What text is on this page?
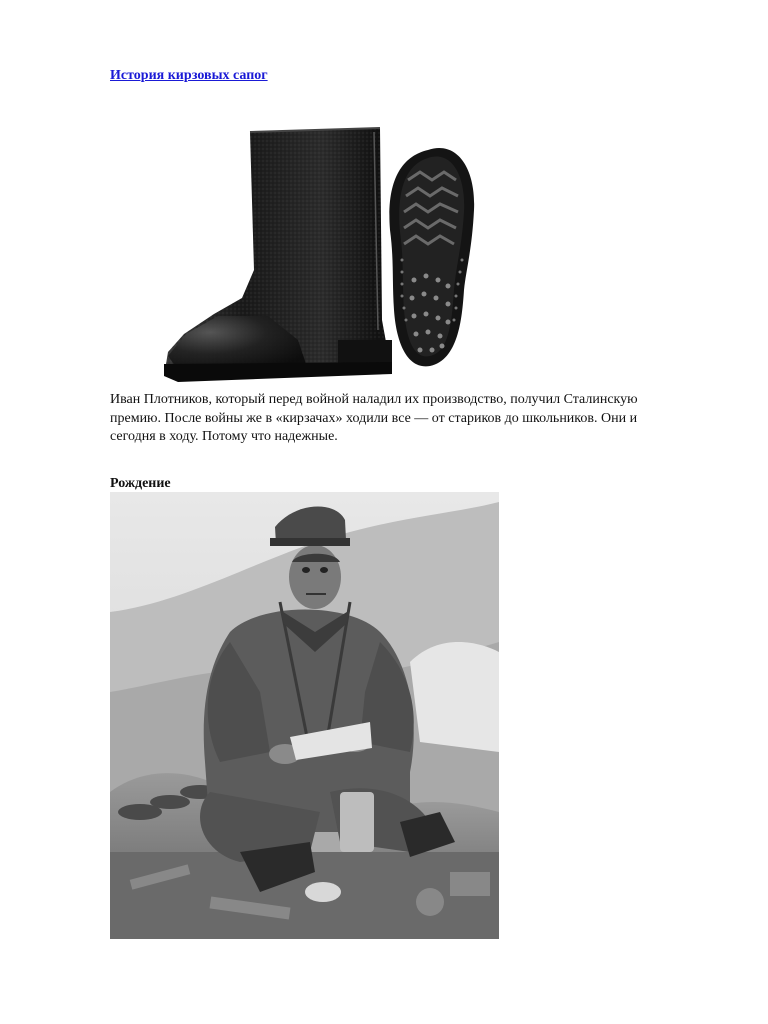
История кирзовых сапог
Иван Плотников, который перед войной наладил их производство, получил Сталинскую
премию. После войны же в «кирзачах» ходили все — от стариков до школьников. Они и
сегодня в ходу. Потому что надежные.
Рождение
